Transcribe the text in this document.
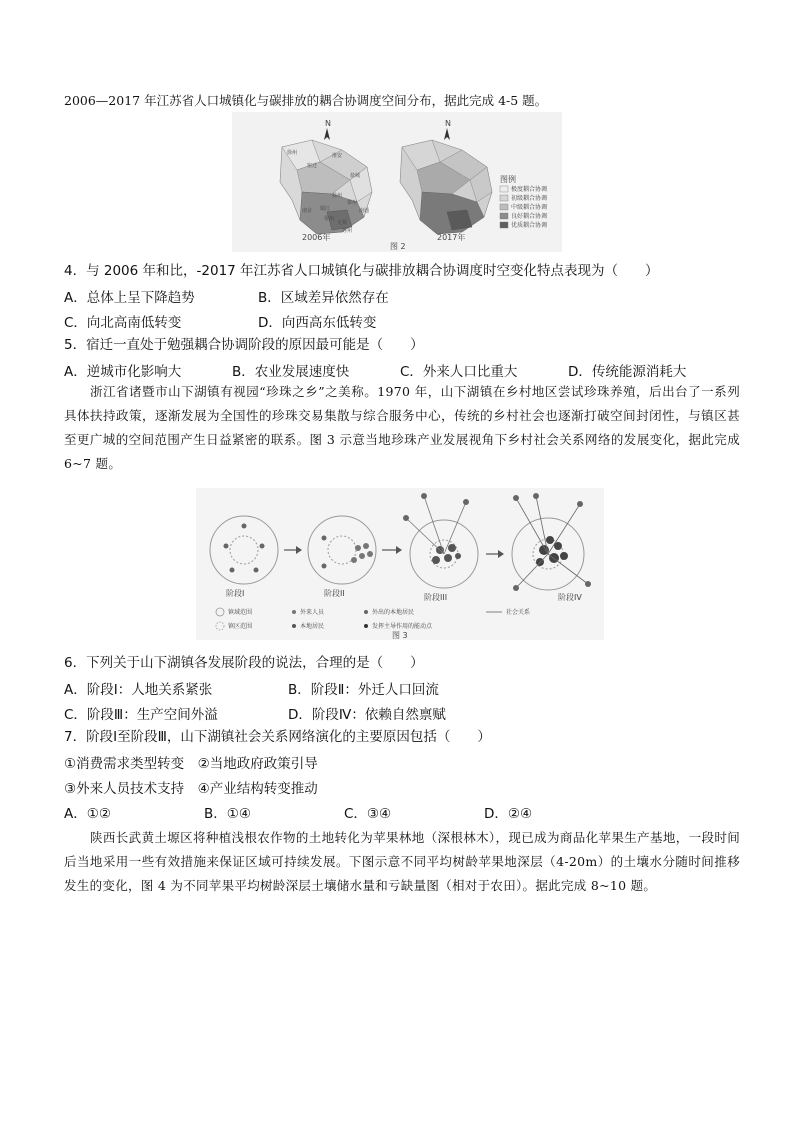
2006—2017 年江苏省人口城镇化与碳排放的耦合协调度空间分布，据此完成 4-5 题。
N	N
2006年	2017年
图 2
图例
极度耦合协调
初级耦合协调
中级耦合协调
良好耦合协调
优质耦合协调
徐州
宿迁
淮安
盐城
扬州
泰州
南通
镇江
常州
无锡
苏州
南京
4．与 2006 年和比，-2017 年江苏省人口城镇化与碳排放耦合协调度时空变化特点表现为（　　）
A．总体上呈下降趋势	B．区域差异依然存在
C．向北高南低转变	D．向西高东低转变
5．宿迁一直处于勉强耦合协调阶段的原因最可能是（　　）
A．逆城市化影响大	B．农业发展速度快	C．外来人口比重大	D．传统能源消耗大
浙江省诸暨市山下湖镇有视园“珍珠之乡”之美称。1970 年，山下湖镇在乡村地区尝试珍珠养殖，后出台了一系列具体扶持政策，逐渐发展为全国性的珍珠交易集散与综合服务中心，传统的乡村社会也逐渐打破空间封闭性，与镇区甚至更广城的空间范围产生日益紧密的联系。图 3 示意当地珍珠产业发展视角下乡村社会关系网络的发展变化，据此完成 6~7 题。
阶段I	阶段II	阶段III	阶段IV
镇域范围
镇区范围
外来人员
本地居民
外出的本地居民
发挥主导作用的能动点
社会关系
图 3
6．下列关于山下湖镇各发展阶段的说法，合理的是（　　）
A．阶段Ⅰ：人地关系紧张	B．阶段Ⅱ：外迁人口回流
C．阶段Ⅲ：生产空间外溢	D．阶段Ⅳ：依赖自然禀赋
7．阶段Ⅰ至阶段Ⅲ，山下湖镇社会关系网络演化的主要原因包括（　　）
①消费需求类型转变　②当地政府政策引导
③外来人员技术支持　④产业结构转变推动
A．①②	B．①④	C．③④	D．②④
陕西长武黄土塬区将种植浅根农作物的土地转化为苹果林地（深根林木），现已成为商品化苹果生产基地，一段时间后当地采用一些有效措施来保证区域可持续发展。下图示意不同平均树龄苹果地深层（4-20m）的土壤水分随时间推移发生的变化，图 4 为不同苹果平均树龄深层土壤储水量和亏缺量图（相对于农田）。据此完成 8~10 题。
